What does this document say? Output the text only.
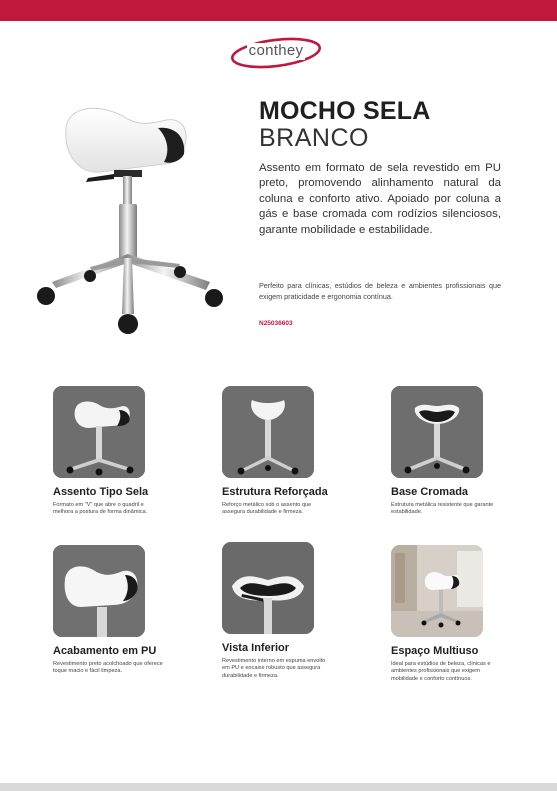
conthey
MOCHO SELA
BRANCO

Assento em formato de sela revestido em PU preto, promovendo alinhamento natural da coluna e conforto ativo. Apoiado por coluna a gás e base cromada com rodízios silenciosos, garante mobilidade e estabilidade.

Perfeito para clínicas, estúdios de beleza e ambientes profissionais que exigem praticidade e ergonomia contínua.

N25036603
Assento Tipo Sela

Formato em "V" que abre o quadril e melhora a postura de forma dinâmica.

Estrutura Reforçada

Reforço metálico sob o assento que assegura durabilidade e firmeza.

Base Cromada

Estrutura metálica resistente que garante estabilidade.

Acabamento em PU

Revestimento preto acolchoado que oferece toque macio e fácil limpeza.

Vista Inferior

Revestimento interno em espuma envolto em PU e encaixe robusto que assegura durabilidade e firmeza.

Espaço Multiuso

Ideal para estúdios de beleza, clínicas e ambientes profissionais que exigem mobilidade e conforto contínuos.
